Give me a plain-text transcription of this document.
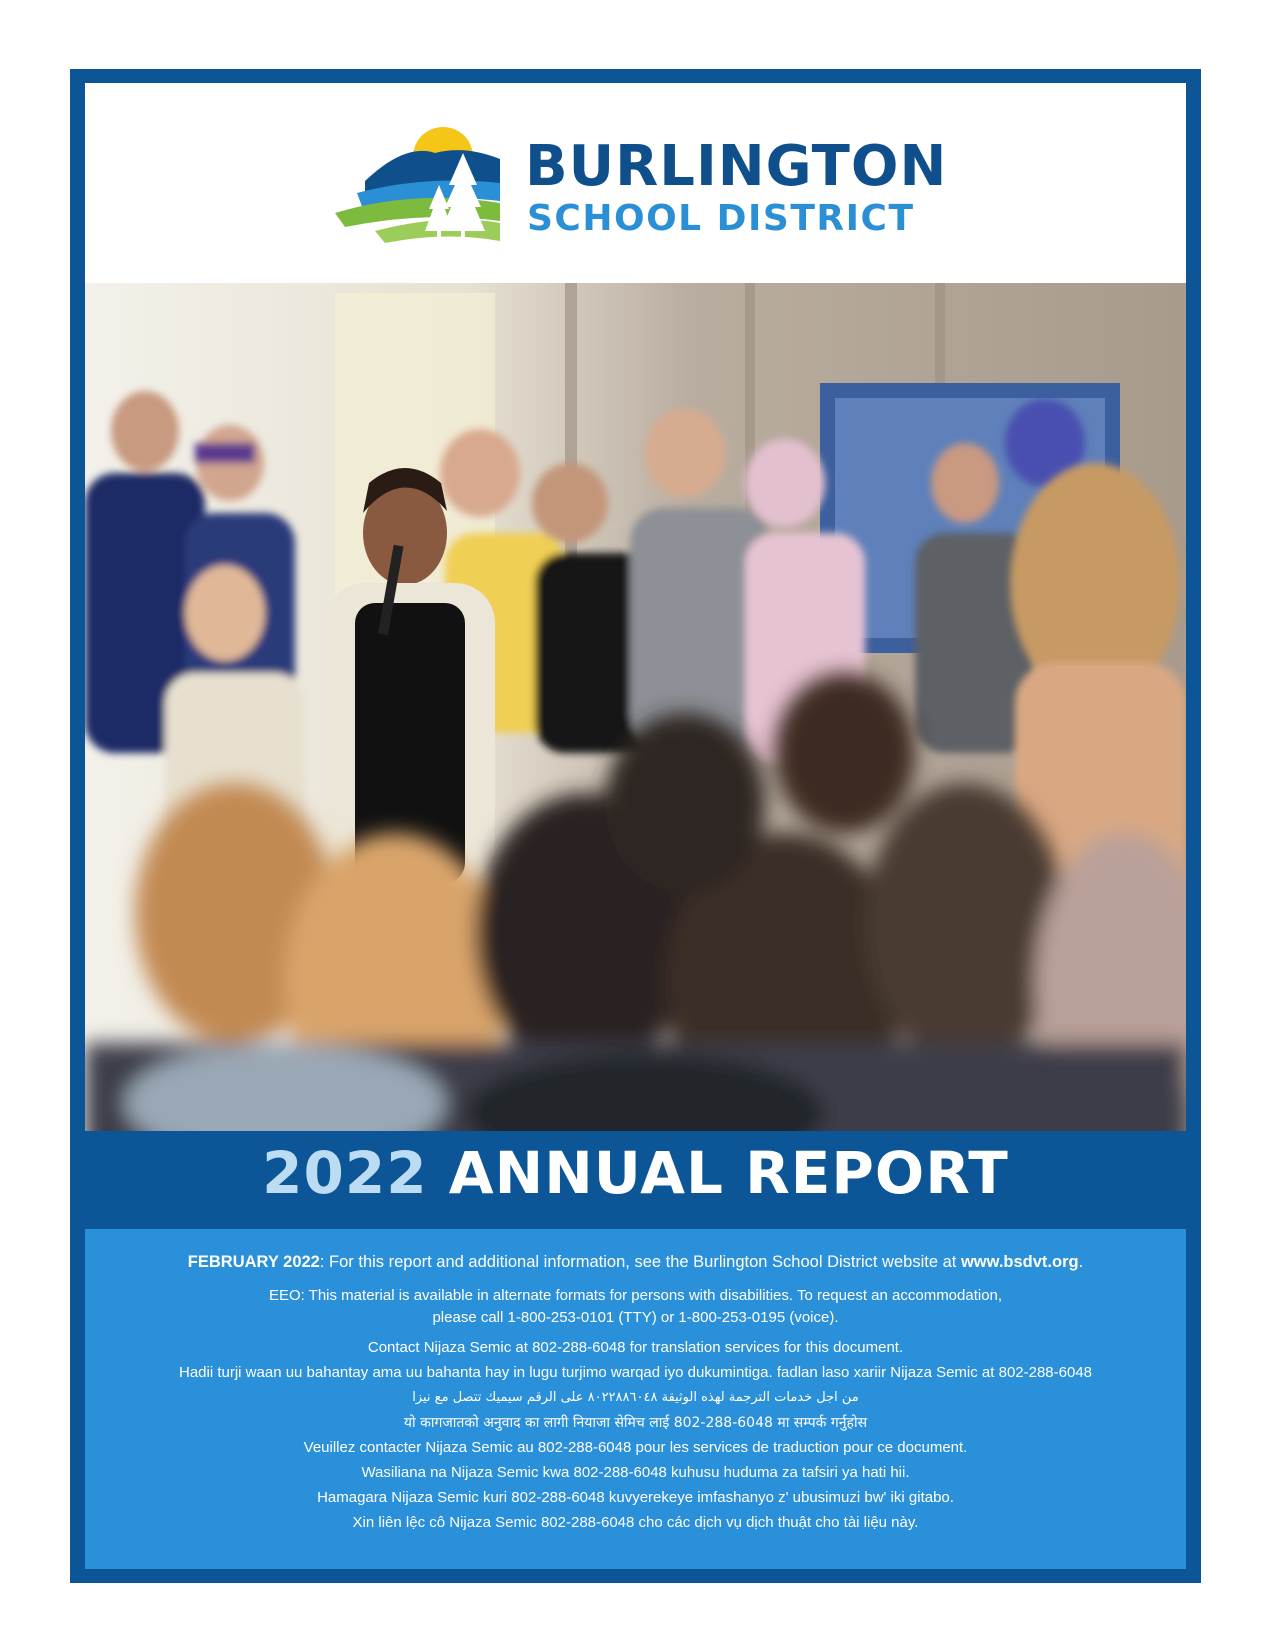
BURLINGTON
SCHOOL DISTRICT
2022 ANNUAL REPORT

FEBRUARY 2022: For this report and additional information, see the Burlington School District website at www.bsdvt.org.

EEO: This material is available in alternate formats for persons with disabilities. To request an accommodation,

please call 1-800-253-0101 (TTY) or 1-800-253-0195 (voice).

Contact Nijaza Semic at 802-288-6048 for translation services for this document.

Hadii turji waan uu bahantay ama uu bahanta hay in lugu turjimo warqad iyo dukumintiga. fadlan laso xariir Nijaza Semic at 802-288-6048

من اجل خدمات الترجمة لهذه الوثيقة ٨٠٢٢٨٨٦٠٤٨ على الرقم سيميك تتصل مع نيزا

यो कागजातको अनुवाद का लागी नियाजा सेमिच लाई 802-288-6048 मा सम्पर्क गर्नुहोस

Veuillez contacter Nijaza Semic au 802-288-6048 pour les services de traduction pour ce document.

Wasiliana na Nijaza Semic kwa 802-288-6048 kuhusu huduma za tafsiri ya hati hii.

Hamagara Nijaza Semic kuri 802-288-6048 kuvyerekeye imfashanyo z' ubusimuzi bw' iki gitabo.

Xin liên lệc cô Nijaza Semic 802-288-6048 cho các dịch vụ dịch thuật cho tài liệu này.
